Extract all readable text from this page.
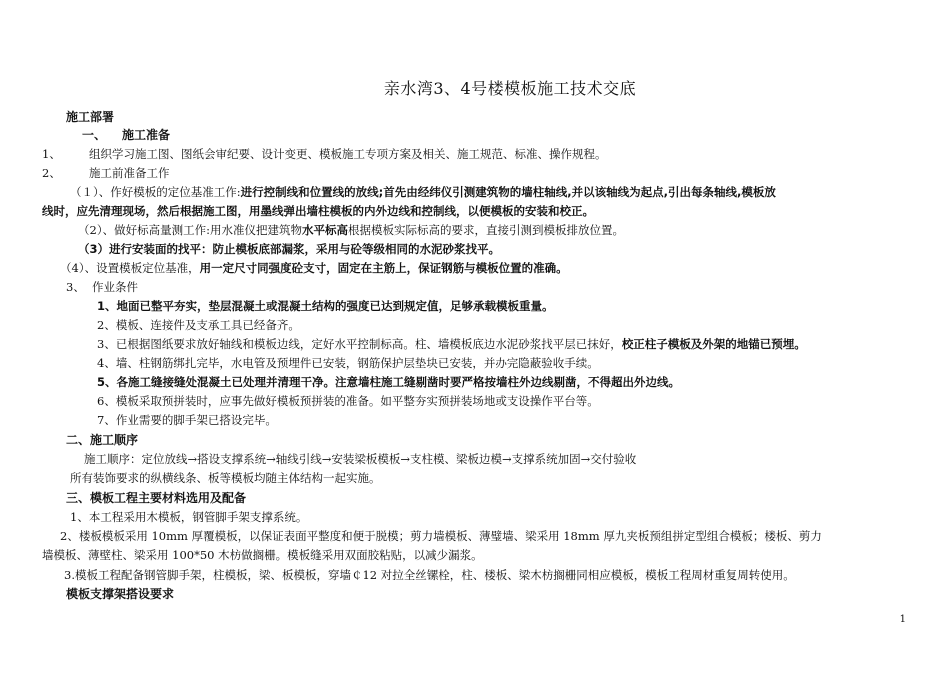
亲水湾3、4号楼模板施工技术交底
施工部署
一、 施工准备
1、 组织学习施工图、图纸会审纪要、设计变更、模板施工专项方案及相关、施工规范、标准、操作规程。
2、 施工前准备工作
（１）、作好模板的定位基准工作:进行控制线和位置线的放线;首先由经纬仪引测建筑物的墙柱轴线,并以该轴线为起点,引出每条轴线,模板放
线时，应先清理现场，然后根据施工图，用墨线弹出墙柱模板的内外边线和控制线，以便模板的安装和校正。
（2）、做好标高量测工作:用水准仪把建筑物水平标高根据模板实际标高的要求，直接引测到模板排放位置。
（3）进行安装面的找平：防止模板底部漏浆，采用与砼等级相同的水泥砂浆找平。
（4）、设置模板定位基准，用一定尺寸同强度砼支寸，固定在主筋上，保证钢筋与模板位置的准确。
3、 作业条件
1、地面已整平夯实，垫层混凝土或混凝土结构的强度已达到规定值，足够承载模板重量。
2、模板、连接件及支承工具已经备齐。
3、已根据图纸要求放好轴线和模板边线，定好水平控制标高。柱、墙模板底边水泥砂浆找平层已抹好，校正柱子模板及外架的地锚已预埋。
4、墙、柱钢筋绑扎完毕，水电管及预埋件已安装，钢筋保护层垫块已安装，并办完隐蔽验收手续。
5、各施工缝接缝处混凝土已处理并清理干净。注意墙柱施工缝剔凿时要严格按墙柱外边线剔凿，不得超出外边线。
6、模板采取预拼装时，应事先做好模板预拼装的准备。如平整夯实预拼装场地或支设操作平台等。
7、作业需要的脚手架已搭设完毕。
二、施工顺序
施工顺序：定位放线→搭设支撑系统→轴线引线→安装梁板模板→支柱模、梁板边模→支撑系统加固→交付验收
所有装饰要求的纵横线条、板等模板均随主体结构一起实施。
三、模板工程主要材料选用及配备
1、本工程采用木模板，钢管脚手架支撑系统。
2、楼板模板采用 10mm 厚覆模板，以保证表面平整度和便于脱模；剪力墙模板、薄璧墙、梁采用 18mm 厚九夹板预组拼定型组合模板；楼板、剪力
墙模板、薄壁柱、梁采用 100*50 木枋做搁栅。模板缝采用双面胶粘贴，以减少漏浆。
3.模板工程配备钢管脚手架，柱模板，梁、板模板，穿墙￠12 对拉全丝镙栓，柱、楼板、梁木枋搁栅同相应模板，模板工程周材重复周转使用。
模板支撑架搭设要求
1
